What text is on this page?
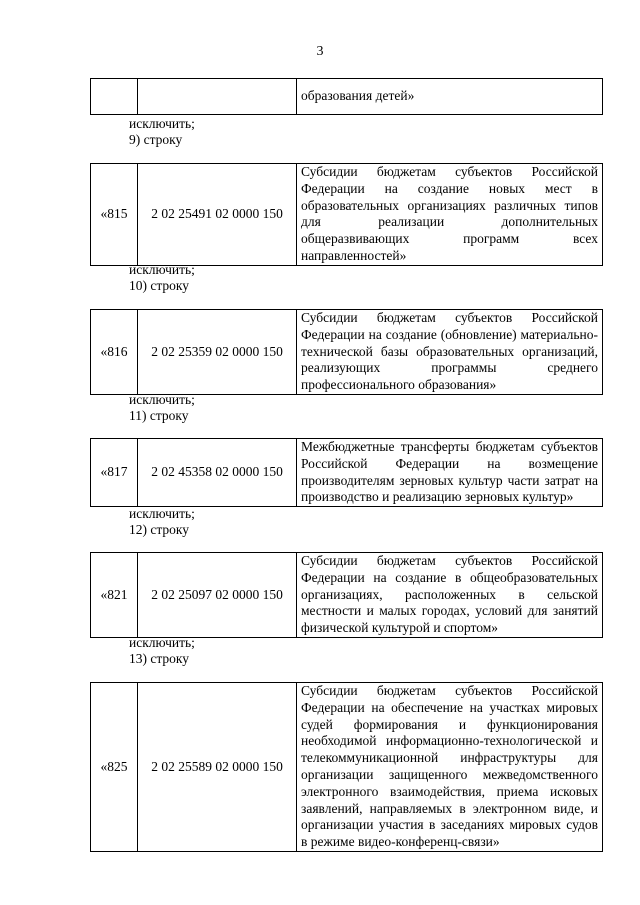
3
		образования детей»
исключить;
9) строку
«815	2 02 25491 02 0000 150	Субсидии бюджетам субъектов Российской Федерации на создание новых мест в образовательных организациях различных типов для реализации дополнительных общеразвивающих программ всех направленностей»
исключить;
10) строку
«816	2 02 25359 02 0000 150	Субсидии бюджетам субъектов Российской Федерации на создание (обновление) материально-технической базы образовательных организаций, реализующих программы среднего профессионального образования»
исключить;
11) строку
«817	2 02 45358 02 0000 150	Межбюджетные трансферты бюджетам субъектов Российской Федерации на возмещение производителям зерновых культур части затрат на производство и реализацию зерновых культур»
исключить;
12) строку
«821	2 02 25097 02 0000 150	Субсидии бюджетам субъектов Российской Федерации на создание в общеобразовательных организациях, расположенных в сельской местности и малых городах, условий для занятий физической культурой и спортом»
исключить;
13) строку
«825	2 02 25589 02 0000 150	Субсидии бюджетам субъектов Российской Федерации на обеспечение на участках мировых судей формирования и функционирования необходимой информационно-технологической и телекоммуникационной инфраструктуры для организации защищенного межведомственного электронного взаимодействия, приема исковых заявлений, направляемых в электронном виде, и организации участия в заседаниях мировых судов в режиме видео-конференц-связи»
